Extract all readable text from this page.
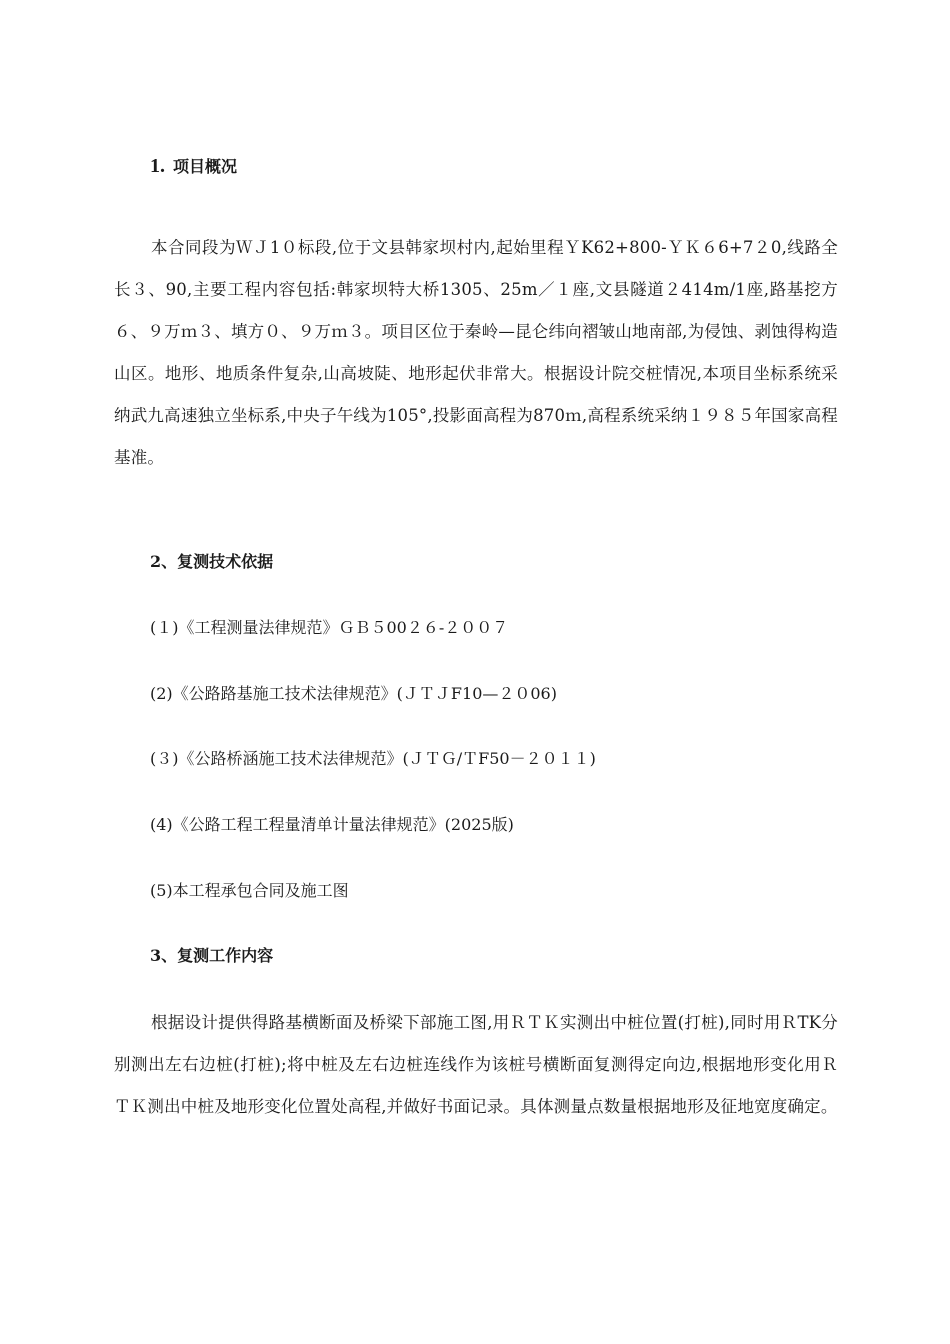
1. 项目概况

本合同段为ＷＪ1０标段,位于文县韩家坝村内,起始里程ＹK62+800-ＹＫ６6+7２0,线路全长３、90,主要工程内容包括:韩家坝特大桥1305、25m／１座,文县隧道２414m/1座,路基挖方６、９万ｍ３、填方０、９万ｍ３。项目区位于秦岭—昆仑纬向褶皱山地南部,为侵蚀、剥蚀得构造山区。地形、地质条件复杂,山高坡陡、地形起伏非常大。根据设计院交桩情况,本项目坐标系统采纳武九高速独立坐标系,中央子午线为105°,投影面高程为870ｍ,高程系统采纳１９８５年国家高程基准。

2、复测技术依据
(１)《工程测量法律规范》ＧＢ５00２６-２００７
(2)《公路路基施工技术法律规范》(ＪＴＪF10—２０06)
(３)《公路桥涵施工技术法律规范》(ＪＴＧ/ＴF50－２０１１)
(4)《公路工程工程量清单计量法律规范》(2025版)
(5)本工程承包合同及施工图
3、复测工作内容

根据设计提供得路基横断面及桥梁下部施工图,用ＲＴＫ实测出中桩位置(打桩),同时用ＲTK分别测出左右边桩(打桩);将中桩及左右边桩连线作为该桩号横断面复测得定向边,根据地形变化用ＲＴＫ测出中桩及地形变化位置处高程,并做好书面记录。具体测量点数量根据地形及征地宽度确定。
